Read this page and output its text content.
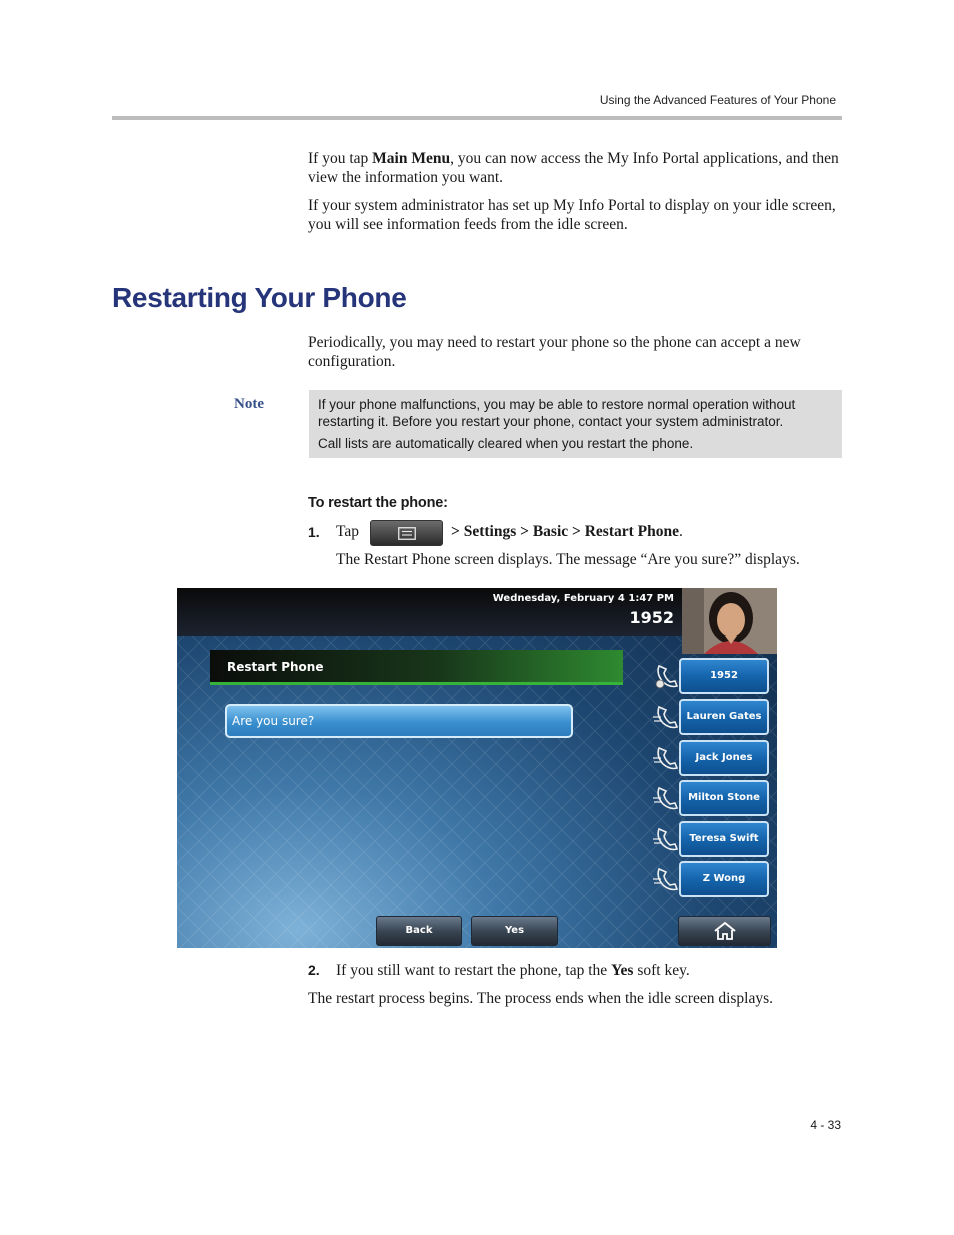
Using the Advanced Features of Your Phone
If you tap Main Menu, you can now access the My Info Portal applications, and then view the information you want.
If your system administrator has set up My Info Portal to display on your idle screen, you will see information feeds from the idle screen.
Restarting Your Phone
Periodically, you may need to restart your phone so the phone can accept a new configuration.
Note	If your phone malfunctions, you may be able to restore normal operation without restarting it. Before you restart your phone, contact your system administrator.

Call lists are automatically cleared when you restart the phone.

To restart the phone:
1. Tap	> Settings > Basic > Restart Phone.
The Restart Phone screen displays. The message “Are you sure?” displays.
Wednesday, February 4 1:47 PM
1952
Restart Phone
Are you sure?
1952
Lauren Gates
Jack Jones
Milton Stone
Teresa Swift
Z Wong
Back	Yes
2. If you still want to restart the phone, tap the Yes soft key.
The restart process begins. The process ends when the idle screen displays.
4 - 33
